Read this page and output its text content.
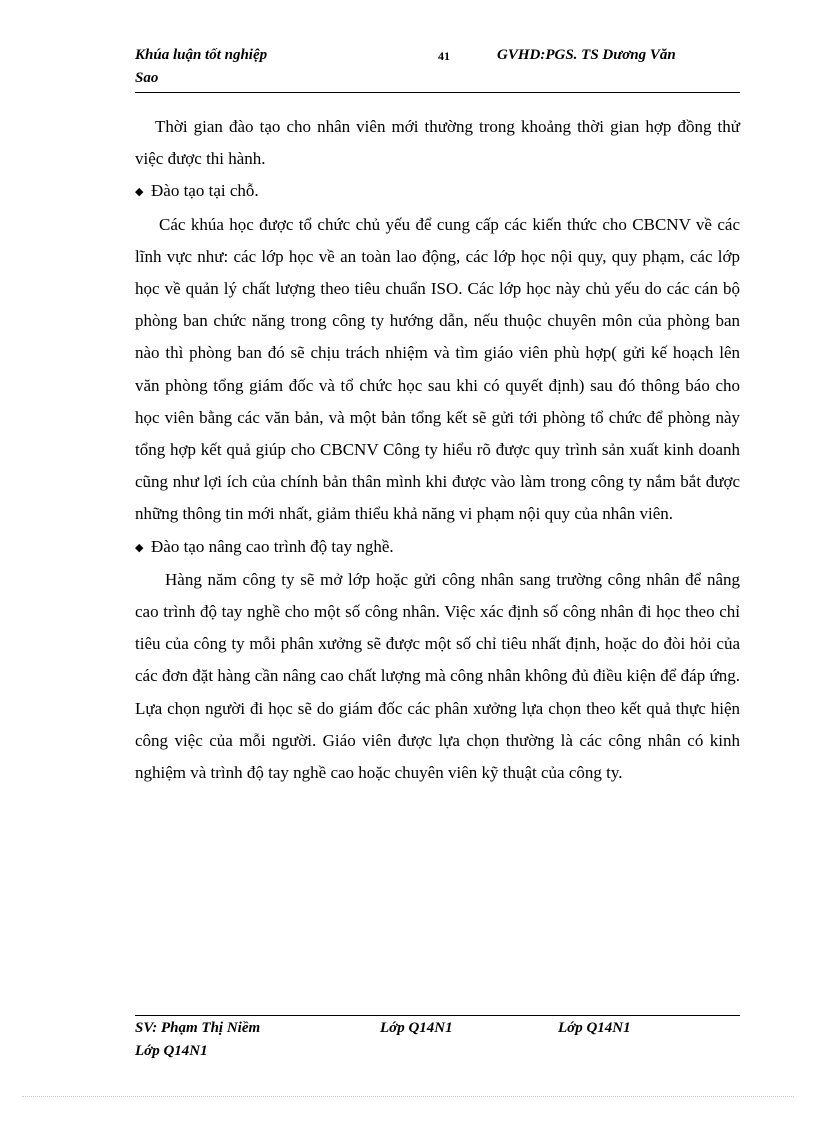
Khúa luận tốt nghiệp	41	GVHD:PGS. TS Dương Văn
Sao

Thời gian đào tạo cho nhân viên mới thường trong khoảng thời gian hợp đồng thử việc được thi hành.

◆ Đào tạo tại chỗ.

Các khúa học được tổ chức chủ yếu để cung cấp các kiến thức cho CBCNV về các lĩnh vực như: các lớp học về an toàn lao động, các lớp học nội quy, quy phạm, các lớp học về quản lý chất lượng theo tiêu chuẩn ISO. Các lớp học này chủ yếu do các cán bộ phòng ban chức năng trong công ty hướng dẫn, nếu thuộc chuyên môn của phòng ban nào thì phòng ban đó sẽ chịu trách nhiệm và tìm giáo viên phù hợp( gửi kế hoạch lên văn phòng tổng giám đốc và tổ chức học sau khi có quyết định) sau đó thông báo cho học viên bằng các văn bản, và một bản tổng kết sẽ gửi tới phòng tổ chức để phòng này tổng hợp kết quả giúp cho CBCNV Công ty hiểu rõ được quy trình sản xuất kinh doanh cũng như lợi ích của chính bản thân mình khi được vào làm trong công ty nắm bắt được những thông tin mới nhất, giảm thiểu khả năng vi phạm nội quy của nhân viên.

◆ Đào tạo nâng cao trình độ tay nghề.

Hàng năm công ty sẽ mở lớp hoặc gửi công nhân sang trường công nhân để nâng cao trình độ tay nghề cho một số công nhân. Việc xác định số công nhân đi học theo chỉ tiêu của công ty mỗi phân xưởng sẽ được một số chỉ tiêu nhất định, hoặc do đòi hỏi của các đơn đặt hàng cần nâng cao chất lượng mà công nhân không đủ điều kiện để đáp ứng. Lựa chọn người đi học sẽ do giám đốc các phân xưởng lựa chọn theo kết quả thực hiện công việc của mỗi người. Giáo viên được lựa chọn thường là các công nhân có kinh nghiệm và trình độ tay nghề cao hoặc chuyên viên kỹ thuật của công ty.

SV: Phạm Thị Niềm	Lớp Q14N1	Lớp Q14N1
Lớp Q14N1
